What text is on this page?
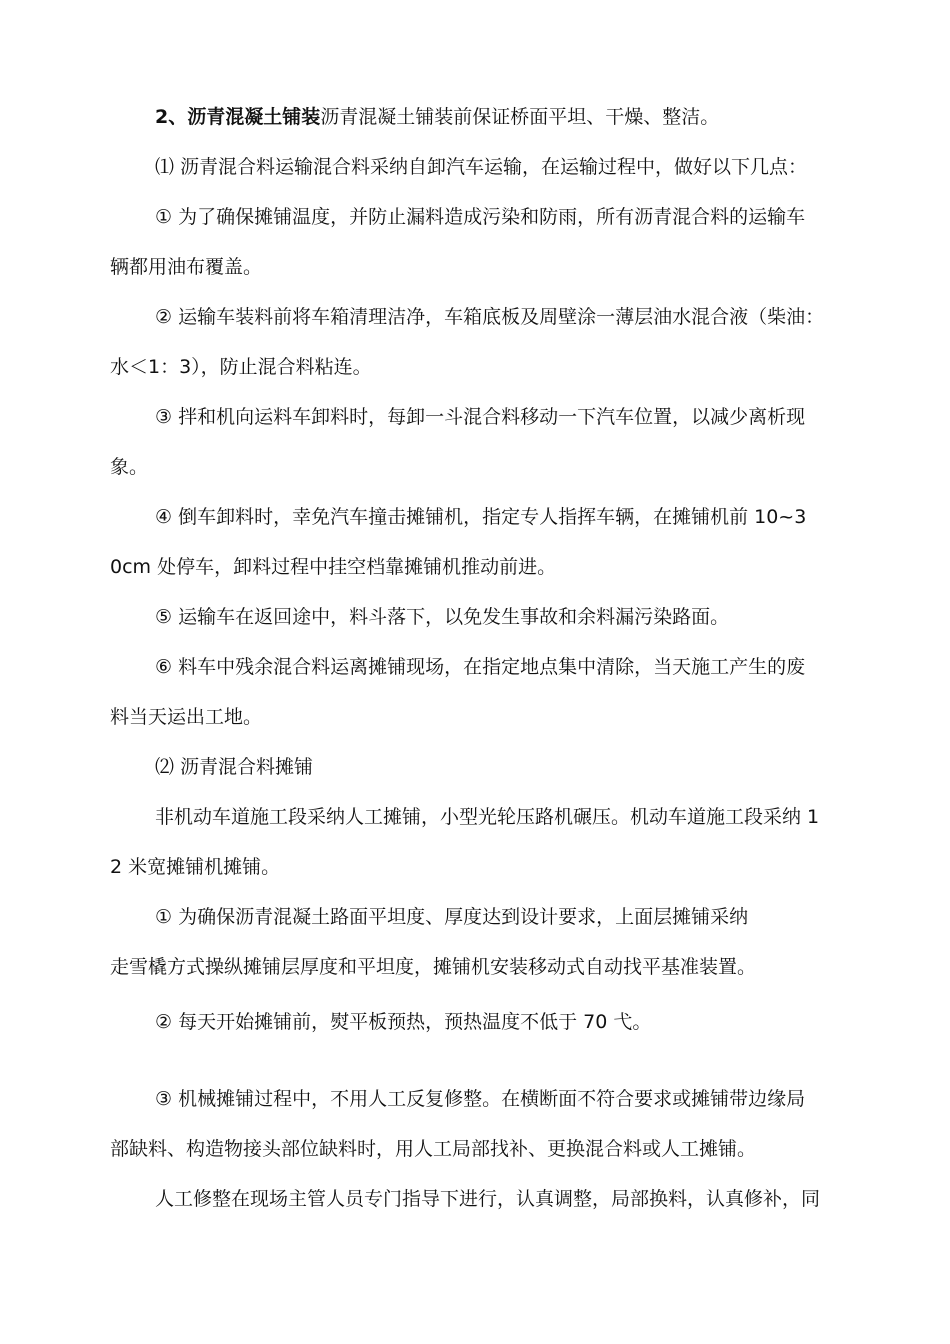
2、沥青混凝土铺装沥青混凝土铺装前保证桥面平坦、干燥、整洁。
⑴ 沥青混合料运输混合料采纳自卸汽车运输，在运输过程中，做好以下几点：
① 为了确保摊铺温度，并防止漏料造成污染和防雨，所有沥青混合料的运输车
辆都用油布覆盖。
② 运输车装料前将车箱清理洁净，车箱底板及周壁涂一薄层油水混合液（柴油：
水＜1：3），防止混合料粘连。
③ 拌和机向运料车卸料时，每卸一斗混合料移动一下汽车位置，以减少离析现
象。
④ 倒车卸料时，幸免汽车撞击摊铺机，指定专人指挥车辆，在摊铺机前 10~3
0cm 处停车，卸料过程中挂空档靠摊铺机推动前进。
⑤ 运输车在返回途中，料斗落下，以免发生事故和余料漏污染路面。
⑥ 料车中残余混合料运离摊铺现场，在指定地点集中清除，当天施工产生的废
料当天运出工地。
⑵ 沥青混合料摊铺
非机动车道施工段采纳人工摊铺，小型光轮压路机碾压。机动车道施工段采纳 1
2 米宽摊铺机摊铺。
① 为确保沥青混凝土路面平坦度、厚度达到设计要求，上面层摊铺采纳
走雪橇方式操纵摊铺层厚度和平坦度，摊铺机安装移动式自动找平基准装置。
② 每天开始摊铺前，熨平板预热，预热温度不低于 70 弋。
③ 机械摊铺过程中，不用人工反复修整。在横断面不符合要求或摊铺带边缘局
部缺料、构造物接头部位缺料时，用人工局部找补、更换混合料或人工摊铺。
人工修整在现场主管人员专门指导下进行，认真调整，局部换料，认真修补，同
